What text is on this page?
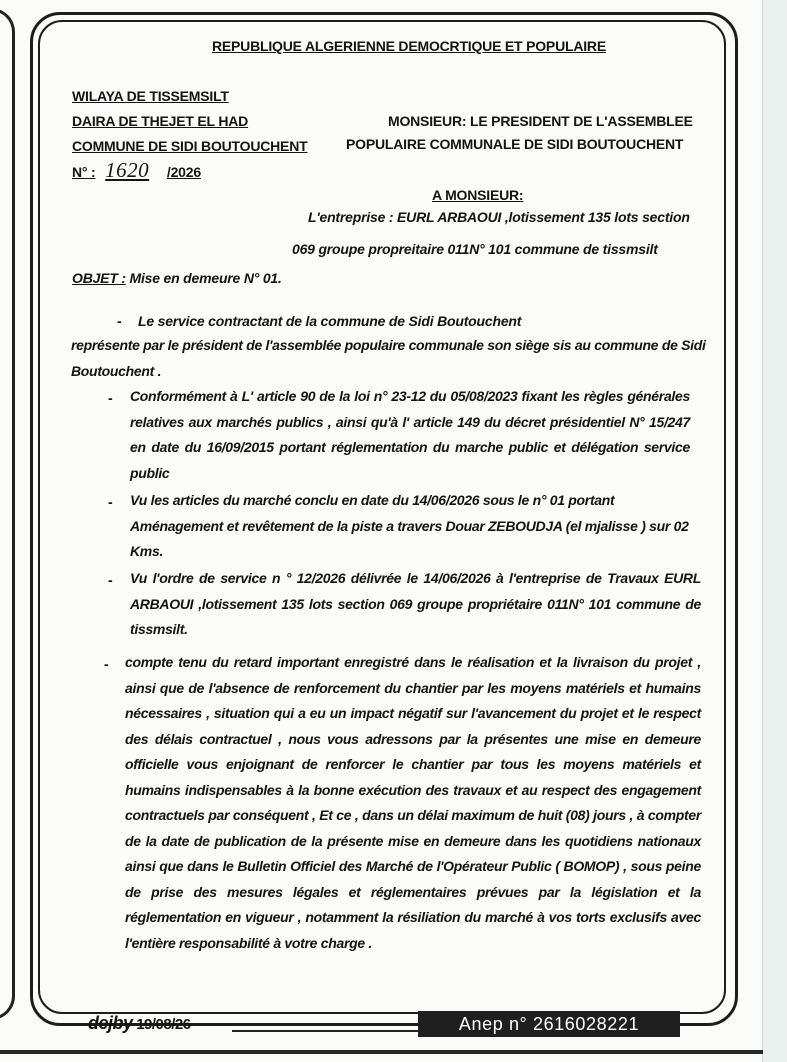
REPUBLIQUE ALGERIENNE DEMOCRTIQUE ET POPULAIRE
WILAYA DE TISSEMSILT
DAIRA DE THEJET EL HAD
COMMUNE DE SIDI BOUTOUCHENT
N° : 1620 /2026
MONSIEUR: LE PRESIDENT DE L'ASSEMBLEE
POPULAIRE COMMUNALE DE SIDI BOUTOUCHENT
A MONSIEUR:
L'entreprise : EURL ARBAOUI ,lotissement 135 lots section
069 groupe propreitaire 011N° 101 commune de tissmsilt
OBJET : Mise en demeure N° 01.
- Le service contractant de la commune de Sidi Boutouchent
représente par le président de l'assemblée populaire communale son siège sis au commune de Sidi Boutouchent .
- Conformément à L' article 90 de la loi n° 23-12 du 05/08/2023 fixant les règles générales relatives aux marchés publics , ainsi qu'à l' article 149 du décret présidentiel N° 15/247 en date du 16/09/2015 portant réglementation du marche public et délégation service public
- Vu les articles du marché conclu en date du 14/06/2026 sous le n° 01 portant Aménagement et revêtement de la piste a travers Douar ZEBOUDJA (el mjalisse ) sur 02 Kms.
- Vu l'ordre de service n ° 12/2026 délivrée le 14/06/2026 à l'entreprise de Travaux EURL ARBAOUI ,lotissement 135 lots section 069 groupe propriétaire 011N° 101 commune de tissmsilt.
- compte tenu du retard important enregistré dans le réalisation et la livraison du projet , ainsi que de l'absence de renforcement du chantier par les moyens matériels et humains nécessaires , situation qui a eu un impact négatif sur l'avancement du projet et le respect des délais contractuel , nous vous adressons par la présentes une mise en demeure officielle vous enjoignant de renforcer le chantier par tous les moyens matériels et humains indispensables à la bonne exécution des travaux et au respect des engagement contractuels par conséquent , Et ce , dans un délai maximum de huit (08) jours , à compter de la date de publication de la présente mise en demeure dans les quotidiens nationaux ainsi que dans le Bulletin Officiel des Marché de l'Opérateur Public ( BOMOP) , sous peine de prise des mesures légales et réglementaires prévues par la législation et la réglementation en vigueur , notamment la résiliation du marché à vos torts exclusifs avec l'entière responsabilité à votre charge .
dejby 19/08/26	Anep n° 2616028221
